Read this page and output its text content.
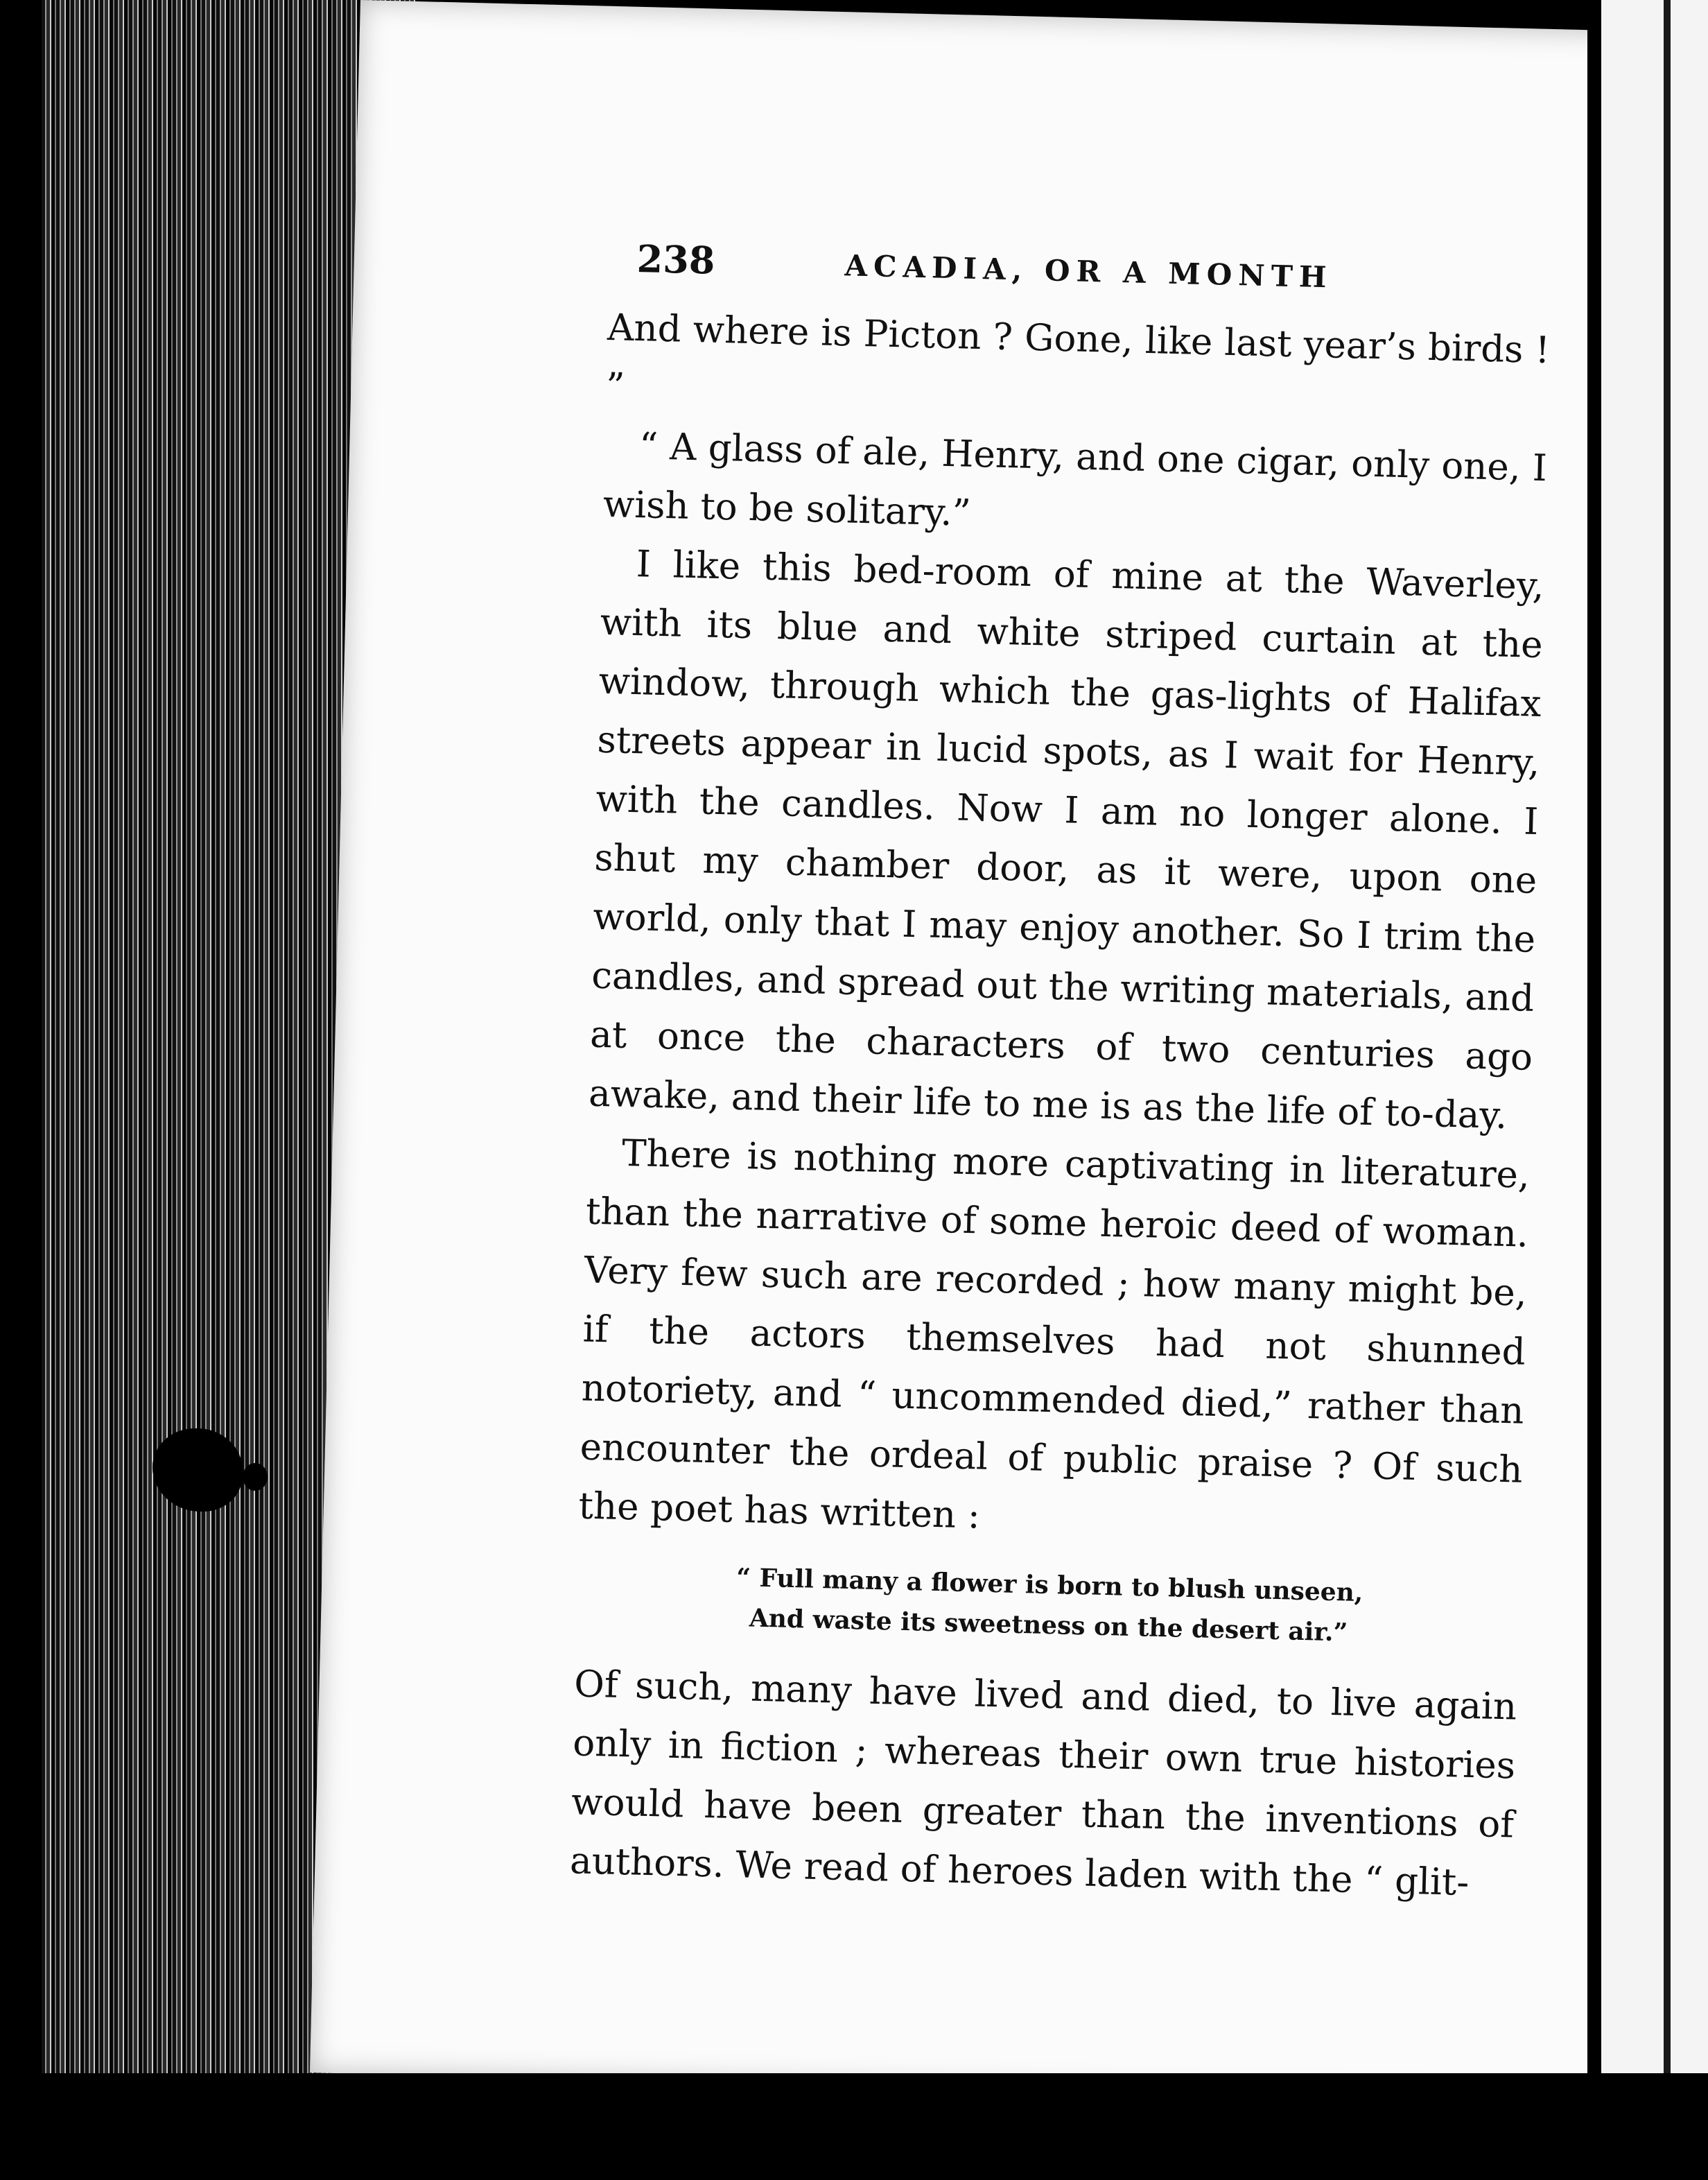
238	ACADIA, OR A MONTH

And where is Picton ? Gone, like last year’s birds ! ”

“ A glass of ale, Henry, and one cigar, only one, I wish to be solitary.”

I like this bed-room of mine at the Waverley, with its blue and white striped curtain at the window, through which the gas-lights of Halifax streets appear in lucid spots, as I wait for Henry, with the candles. Now I am no longer alone. I shut my chamber door, as it were, upon one world, only that I may enjoy another. So I trim the candles, and spread out the writing materials, and at once the characters of two centuries ago awake, and their life to me is as the life of to-day.

There is nothing more captivating in literature, than the narrative of some heroic deed of woman. Very few such are recorded ; how many might be, if the actors themselves had not shunned notoriety, and “ uncommended died,” rather than encounter the ordeal of public praise ? Of such the poet has written :

“ Full many a flower is born to blush unseen,
And waste its sweetness on the desert air.”

Of such, many have lived and died, to live again only in fiction ; whereas their own true histories would have been greater than the inventions of authors. We read of heroes laden with the “ glit-
